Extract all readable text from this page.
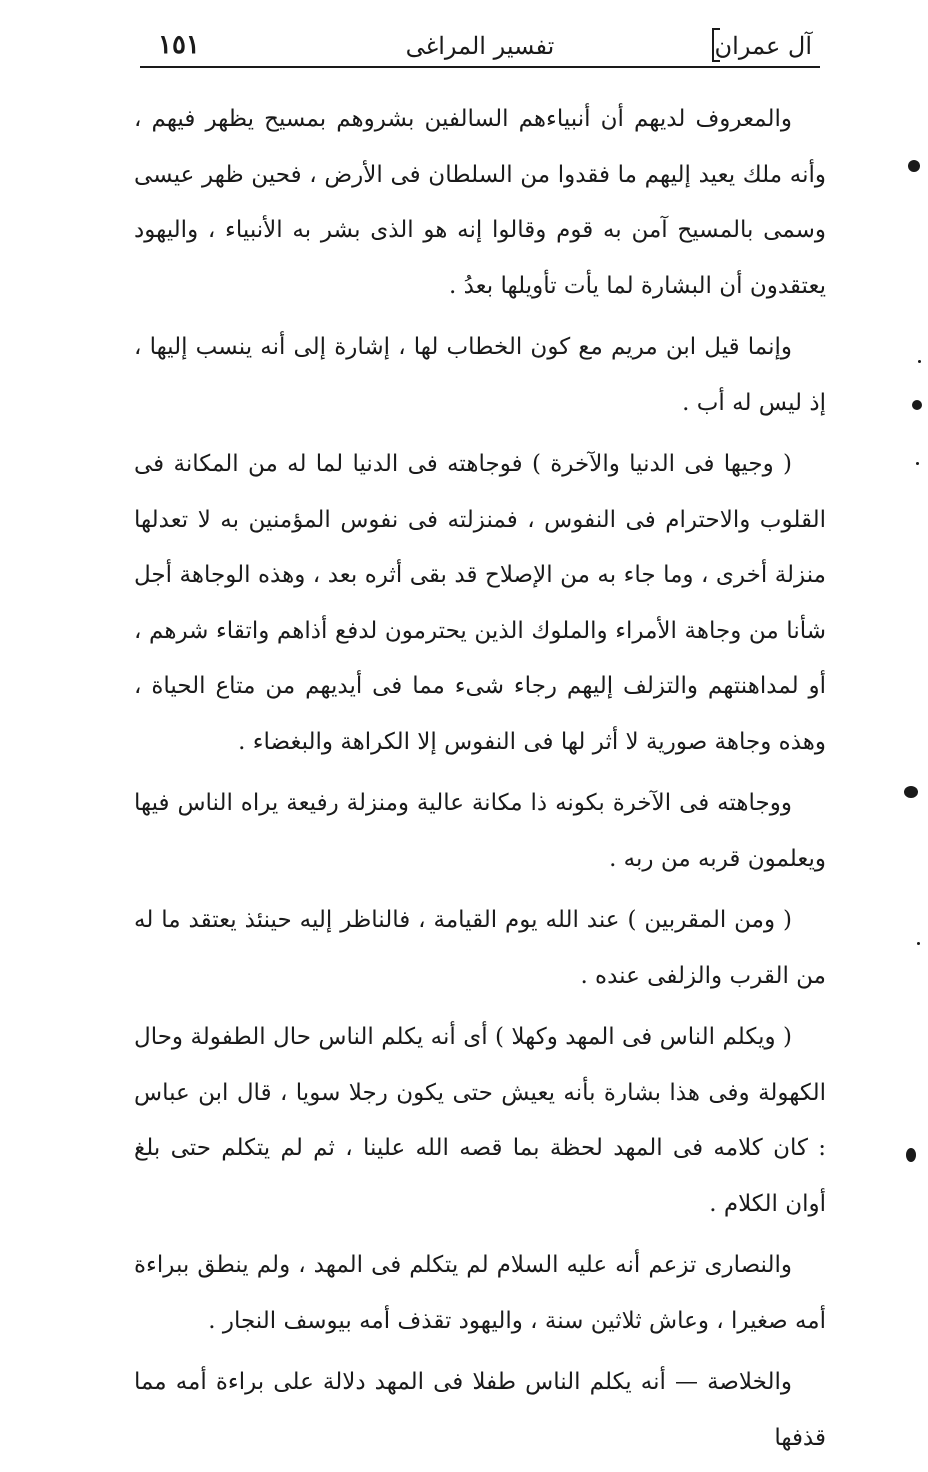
١٥١	تفسير المراغى	آل عمران

والمعروف لديهم أن أنبياءهم السالفين بشروهم بمسيح يظهر فيهم ، وأنه ملك يعيد إليهم ما فقدوا من السلطان فى الأرض ، فحين ظهر عيسى وسمى بالمسيح آمن به قوم وقالوا إنه هو الذى بشر به الأنبياء ، واليهود يعتقدون أن البشارة لما يأت تأويلها بعدُ .

وإنما قيل ابن مريم مع كون الخطاب لها ، إشارة إلى أنه ينسب إليها ، إذ ليس له أب .

( وجيها فى الدنيا والآخرة ) فوجاهته فى الدنيا لما له من المكانة فى القلوب والاحترام فى النفوس ، فمنزلته فى نفوس المؤمنين به لا تعدلها منزلة أخرى ، وما جاء به من الإصلاح قد بقى أثره بعد ، وهذه الوجاهة أجل شأنا من وجاهة الأمراء والملوك الذين يحترمون لدفع أذاهم واتقاء شرهم ، أو لمداهنتهم والتزلف إليهم رجاء شىء مما فى أيديهم من متاع الحياة ، وهذه وجاهة صورية لا أثر لها فى النفوس إلا الكراهة والبغضاء .

ووجاهته فى الآخرة بكونه ذا مكانة عالية ومنزلة رفيعة يراه الناس فيها ويعلمون قربه من ربه .

( ومن المقربين ) عند الله يوم القيامة ، فالناظر إليه حينئذ يعتقد ما له من القرب والزلفى عنده .

( ويكلم الناس فى المهد وكهلا ) أى أنه يكلم الناس حال الطفولة وحال الكهولة وفى هذا بشارة بأنه يعيش حتى يكون رجلا سويا ، قال ابن عباس : كان كلامه فى المهد لحظة بما قصه الله علينا ، ثم لم يتكلم حتى بلغ أوان الكلام .

والنصارى تزعم أنه عليه السلام لم يتكلم فى المهد ، ولم ينطق ببراءة أمه صغيرا ، وعاش ثلاثين سنة ، واليهود تقذف أمه بيوسف النجار .

والخلاصة — أنه يكلم الناس طفلا فى المهد دلالة على براءة أمه مما قذفها
